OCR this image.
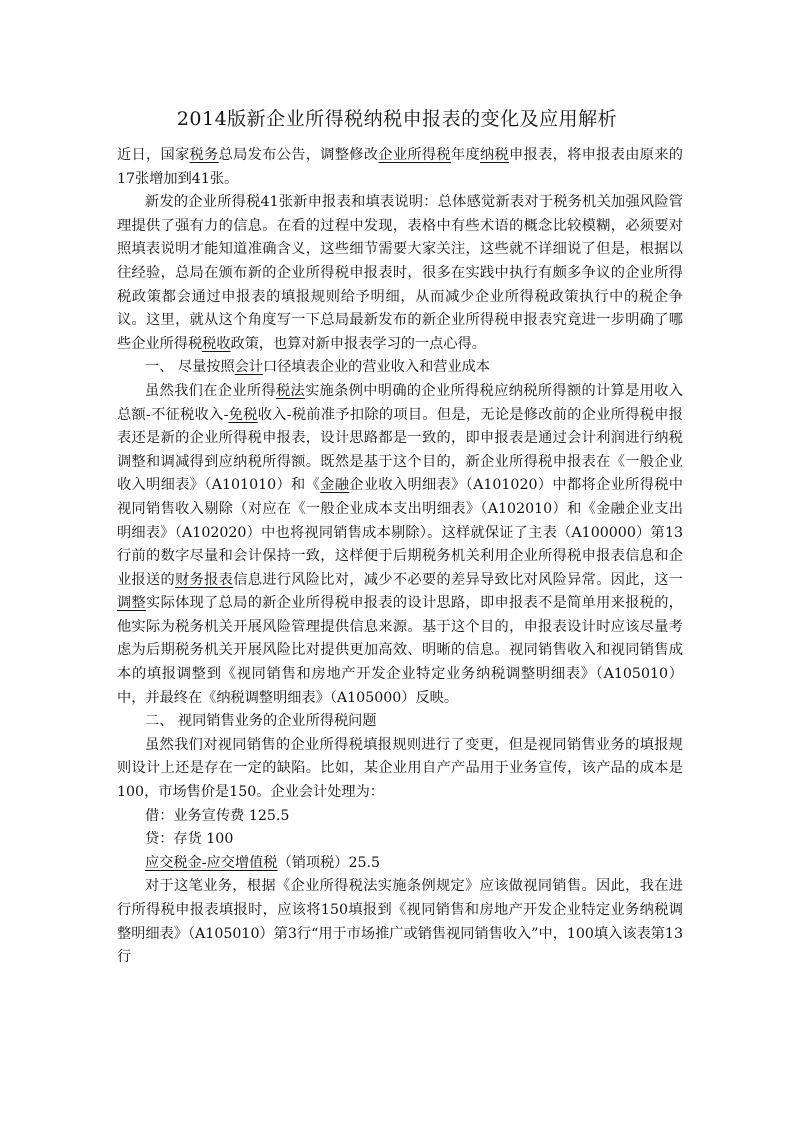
2014版新企业所得税纳税申报表的变化及应用解析

近日，国家税务总局发布公告，调整修改企业所得税年度纳税申报表，将申报表由原来的17张增加到41张。

新发的企业所得税41张新申报表和填表说明：总体感觉新表对于税务机关加强风险管理提供了强有力的信息。在看的过程中发现，表格中有些术语的概念比较模糊，必须要对照填表说明才能知道准确含义，这些细节需要大家关注，这些就不详细说了但是，根据以往经验，总局在颁布新的企业所得税申报表时，很多在实践中执行有颇多争议的企业所得税政策都会通过申报表的填报规则给予明细，从而减少企业所得税政策执行中的税企争议。这里，就从这个角度写一下总局最新发布的新企业所得税申报表究竟进一步明确了哪些企业所得税税收政策，也算对新申报表学习的一点心得。

一、 尽量按照会计口径填表企业的营业收入和营业成本

虽然我们在企业所得税法实施条例中明确的企业所得税应纳税所得额的计算是用收入总额-不征税收入-免税收入-税前准予扣除的项目。但是，无论是修改前的企业所得税申报表还是新的企业所得税申报表，设计思路都是一致的，即申报表是通过会计利润进行纳税调整和调减得到应纳税所得额。既然是基于这个目的，新企业所得税申报表在《一般企业收入明细表》（A101010）和《金融企业收入明细表》（A101020）中都将企业所得税中视同销售收入剔除（对应在《一般企业成本支出明细表》（A102010）和《金融企业支出明细表》（A102020）中也将视同销售成本剔除）。这样就保证了主表（A100000）第13行前的数字尽量和会计保持一致，这样便于后期税务机关利用企业所得税申报表信息和企业报送的财务报表信息进行风险比对，减少不必要的差异导致比对风险异常。因此，这一调整实际体现了总局的新企业所得税申报表的设计思路，即申报表不是简单用来报税的，他实际为税务机关开展风险管理提供信息来源。基于这个目的，申报表设计时应该尽量考虑为后期税务机关开展风险比对提供更加高效、明晰的信息。视同销售收入和视同销售成本的填报调整到《视同销售和房地产开发企业特定业务纳税调整明细表》（A105010）中，并最终在《纳税调整明细表》（A105000）反映。

二、 视同销售业务的企业所得税问题

虽然我们对视同销售的企业所得税填报规则进行了变更，但是视同销售业务的填报规则设计上还是存在一定的缺陷。比如，某企业用自产产品用于业务宣传，该产品的成本是100，市场售价是150。企业会计处理为：

借：业务宣传费 125.5

贷：存货 100

应交税金-应交增值税（销项税）25.5

对于这笔业务，根据《企业所得税法实施条例规定》应该做视同销售。因此，我在进行所得税申报表填报时，应该将150填报到《视同销售和房地产开发企业特定业务纳税调整明细表》（A105010）第3行“用于市场推广或销售视同销售收入”中，100填入该表第13行
